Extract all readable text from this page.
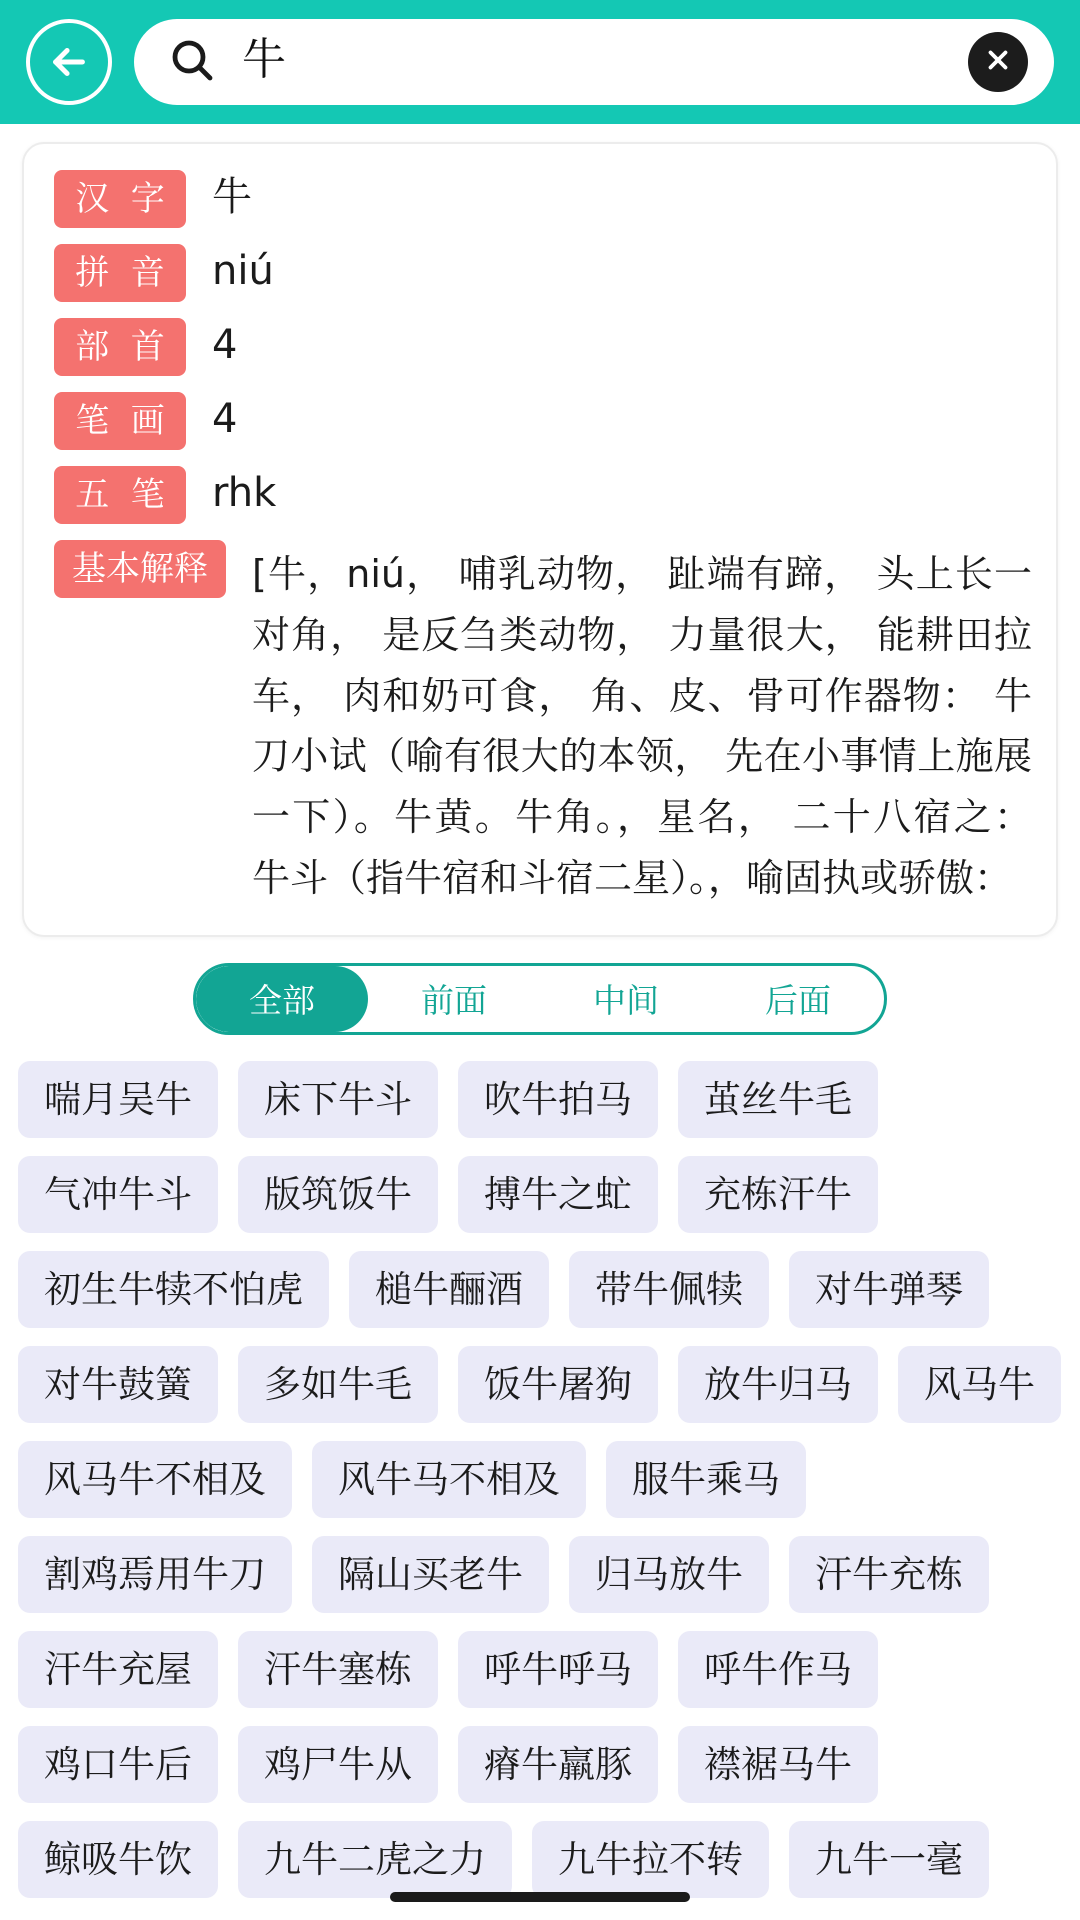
牛
汉 字	牛
拼 音	niú
部 首	4
笔 画	4
五 笔	rhk
基本解释	[牛，niú， 哺乳动物， 趾端有蹄， 头上长一对角， 是反刍类动物， 力量很大， 能耕田拉车， 肉和奶可食， 角、皮、骨可作器物： 牛刀小试（喻有很大的本领， 先在小事情上施展一下）。牛黄。牛角。，星名， 二十八宿之： 牛斗（指牛宿和斗宿二星）。，喻固执或骄傲：
全部	前面	中间	后面
喘月吴牛	床下牛斗	吹牛拍马	茧丝牛毛
气冲牛斗	版筑饭牛	搏牛之虻	充栋汗牛
初生牛犊不怕虎	槌牛酾酒	带牛佩犊	对牛弹琴
对牛鼓簧	多如牛毛	饭牛屠狗	放牛归马	风马牛
风马牛不相及	风牛马不相及	服牛乘马
割鸡焉用牛刀	隔山买老牛	归马放牛	汗牛充栋
汗牛充屋	汗牛塞栋	呼牛呼马	呼牛作马
鸡口牛后	鸡尸牛从	瘠牛羸豚	襟裾马牛
鲸吸牛饮	九牛二虎之力	九牛拉不转	九牛一毫
